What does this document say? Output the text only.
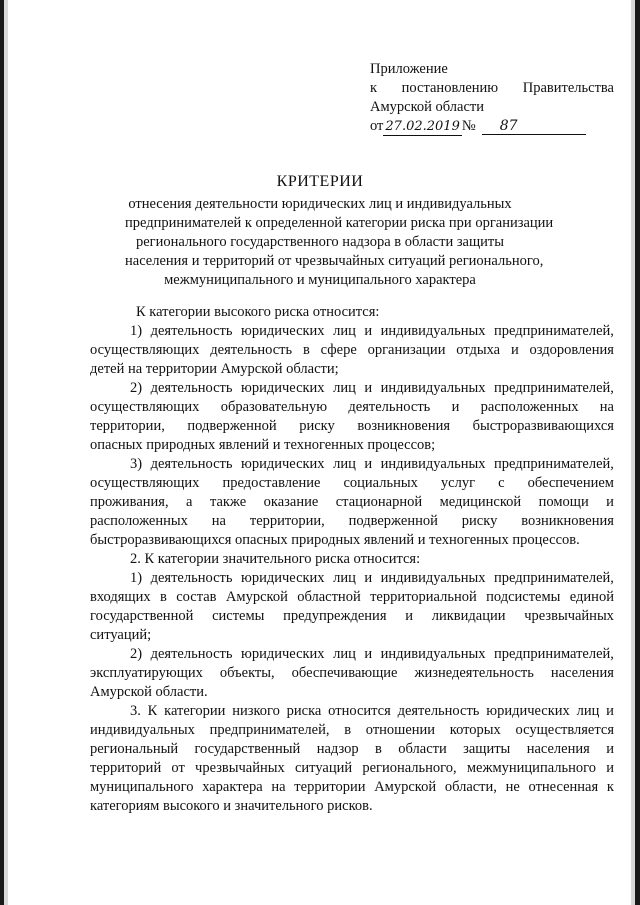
Приложение
к постановлению Правительства
Амурской области
от 27.02.2019 № 87
КРИТЕРИИ
отнесения деятельности юридических лиц и индивидуальных
предпринимателей к определенной категории риска при организации
регионального государственного надзора в области защиты
населения и территорий от чрезвычайных ситуаций регионального,
межмуниципального и муниципального характера
К категории высокого риска относится:
1) деятельность юридических лиц и индивидуальных предпринимателей,
осуществляющих деятельность в сфере организации отдыха и оздоровления
детей на территории Амурской области;
2) деятельность юридических лиц и индивидуальных предпринимателей,
осуществляющих образовательную деятельность и расположенных на
территории, подверженной риску возникновения быстроразвивающихся
опасных природных явлений и техногенных процессов;
3) деятельность юридических лиц и индивидуальных предпринимателей,
осуществляющих предоставление социальных услуг с обеспечением
проживания, а также оказание стационарной медицинской помощи и
расположенных на территории, подверженной риску возникновения
быстроразвивающихся опасных природных явлений и техногенных процессов.
2. К категории значительного риска относится:
1) деятельность юридических лиц и индивидуальных предпринимателей,
входящих в состав Амурской областной территориальной подсистемы единой
государственной системы предупреждения и ликвидации чрезвычайных
ситуаций;
2) деятельность юридических лиц и индивидуальных предпринимателей,
эксплуатирующих объекты, обеспечивающие жизнедеятельность населения
Амурской области.
3. К категории низкого риска относится деятельность юридических лиц и
индивидуальных предпринимателей, в отношении которых осуществляется
региональный государственный надзор в области защиты населения и
территорий от чрезвычайных ситуаций регионального, межмуниципального и
муниципального характера на территории Амурской области, не отнесенная к
категориям высокого и значительного рисков.
